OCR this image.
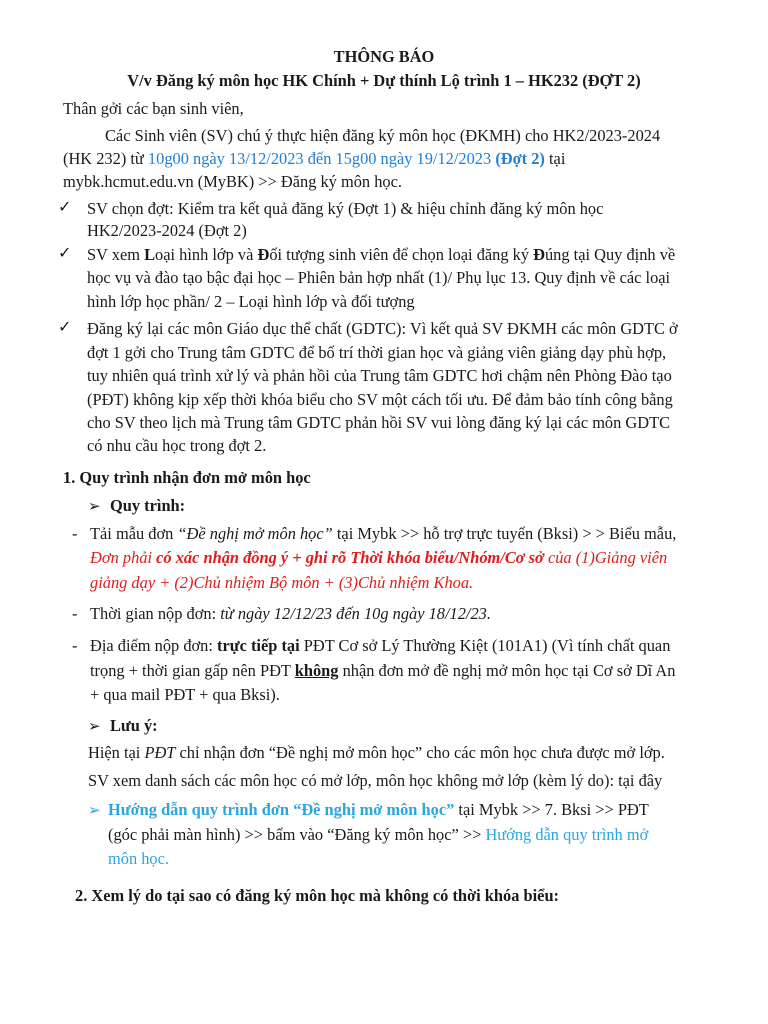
THÔNG BÁO
V/v Đăng ký môn học HK Chính + Dự thính Lộ trình 1 – HK232 (ĐỢT 2)
Thân gởi các bạn sinh viên,
Các Sinh viên (SV) chú ý thực hiện đăng ký môn học (ĐKMH) cho HK2/2023-2024
(HK 232) từ 10g00 ngày 13/12/2023 đến 15g00 ngày 19/12/2023 (Đợt 2) tại
mybk.hcmut.edu.vn (MyBK) >> Đăng ký môn học.
✓ SV chọn đợt: Kiểm tra kết quả đăng ký (Đợt 1) & hiệu chỉnh đăng ký môn học
HK2/2023-2024 (Đợt 2)
✓ SV xem Loại hình lớp và Đối tượng sinh viên để chọn loại đăng ký Đúng tại Quy định về
học vụ và đào tạo bậc đại học – Phiên bản hợp nhất (1)/ Phụ lục 13. Quy định về các loại
hình lớp học phần/ 2 – Loại hình lớp và đối tượng
✓ Đăng ký lại các môn Giáo dục thể chất (GDTC): Vì kết quả SV ĐKMH các môn GDTC ở
đợt 1 gởi cho Trung tâm GDTC để bố trí thời gian học và giảng viên giảng dạy phù hợp,
tuy nhiên quá trình xử lý và phản hồi của Trung tâm GDTC hơi chậm nên Phòng Đào tạo
(PĐT) không kịp xếp thời khóa biểu cho SV một cách tối ưu. Để đảm bảo tính công bằng
cho SV theo lịch mà Trung tâm GDTC phản hồi SV vui lòng đăng ký lại các môn GDTC
có nhu cầu học trong đợt 2.
1. Quy trình nhận đơn mở môn học
➢ Quy trình:
- Tải mẫu đơn “Đề nghị mở môn học” tại Mybk >> hỗ trợ trực tuyến (Bksi) > > Biểu mẫu,
Đơn phải có xác nhận đồng ý + ghi rõ Thời khóa biểu/Nhóm/Cơ sở của (1)Giảng viên
giảng dạy + (2)Chủ nhiệm Bộ môn + (3)Chủ nhiệm Khoa.
- Thời gian nộp đơn: từ ngày 12/12/23 đến 10g ngày 18/12/23.
- Địa điểm nộp đơn: trực tiếp tại PĐT Cơ sở Lý Thường Kiệt (101A1) (Vì tính chất quan
trọng + thời gian gấp nên PĐT không nhận đơn mở đề nghị mở môn học tại Cơ sở Dĩ An
+ qua mail PĐT + qua Bksi).
➢ Lưu ý:
Hiện tại PĐT chỉ nhận đơn “Đề nghị mở môn học” cho các môn học chưa được mở lớp.
SV xem danh sách các môn học có mở lớp, môn học không mở lớp (kèm lý do): tại đây
➢ Hướng dẫn quy trình đơn “Đề nghị mở môn học” tại Mybk >> 7. Bksi >> PĐT
(góc phải màn hình) >> bấm vào “Đăng ký môn học” >> Hướng dẫn quy trình mở
môn học.
2. Xem lý do tại sao có đăng ký môn học mà không có thời khóa biểu:
